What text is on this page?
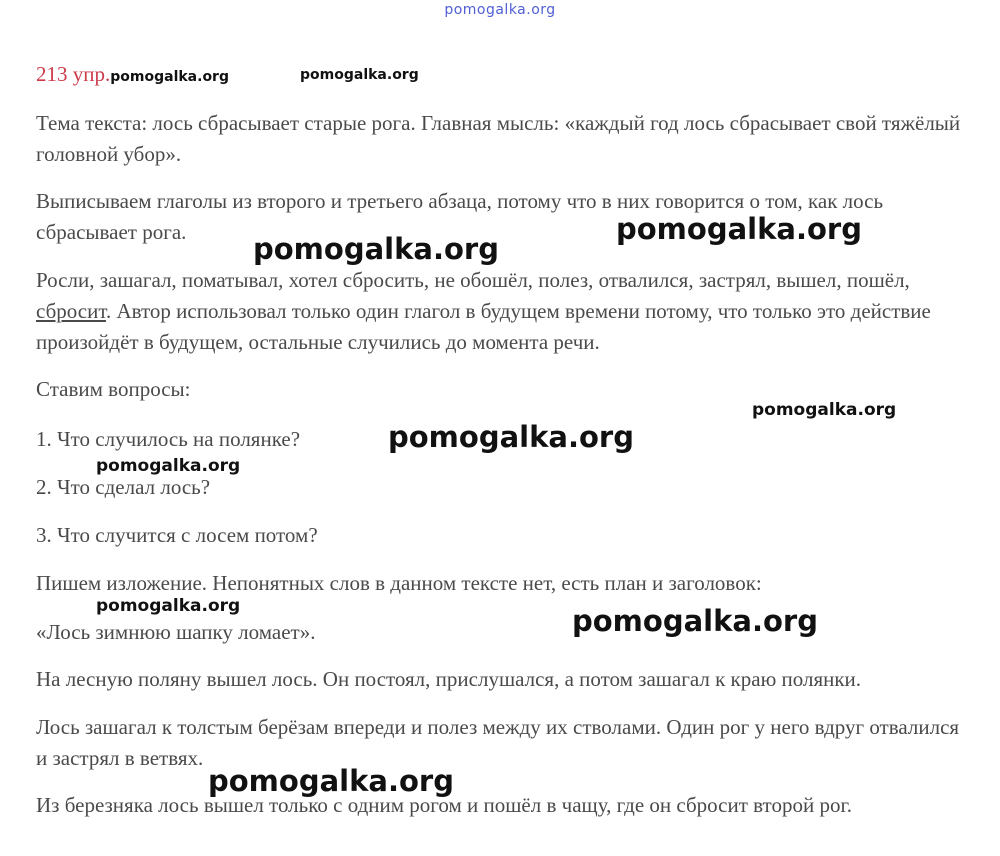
pomogalka.org
213 упр.pomogalka.org	pomogalka.org

Тема текста: лось сбрасывает старые рога. Главная мысль: «каждый год лось сбрасывает свой тяжёлый головной убор».

Выписываем глаголы из второго и третьего абзаца, потому что в них говорится о том, как лось сбрасывает рога.

Росли, зашагал, поматывал, хотел сбросить, не обошёл, полез, отвалился, застрял, вышел, пошёл, сбросит. Автор использовал только один глагол в будущем времени потому, что только это действие произойдёт в будущем, остальные случились до момента речи.

Ставим вопросы:

1. Что случилось на полянке?

2. Что сделал лось?

3. Что случится с лосем потом?

Пишем изложение. Непонятных слов в данном тексте нет, есть план и заголовок:

«Лось зимнюю шапку ломает».

На лесную поляну вышел лось. Он постоял, прислушался, а потом зашагал к краю полянки.

Лось зашагал к толстым берёзам впереди и полез между их стволами. Один рог у него вдруг отвалился и застрял в ветвях.

Из березняка лось вышел только с одним рогом и пошёл в чащу, где он сбросит второй рог.

pomogalka.org
pomogalka.org
pomogalka.org
pomogalka.org
pomogalka.org
pomogalka.org	pomogalka.org
pomogalka.org
